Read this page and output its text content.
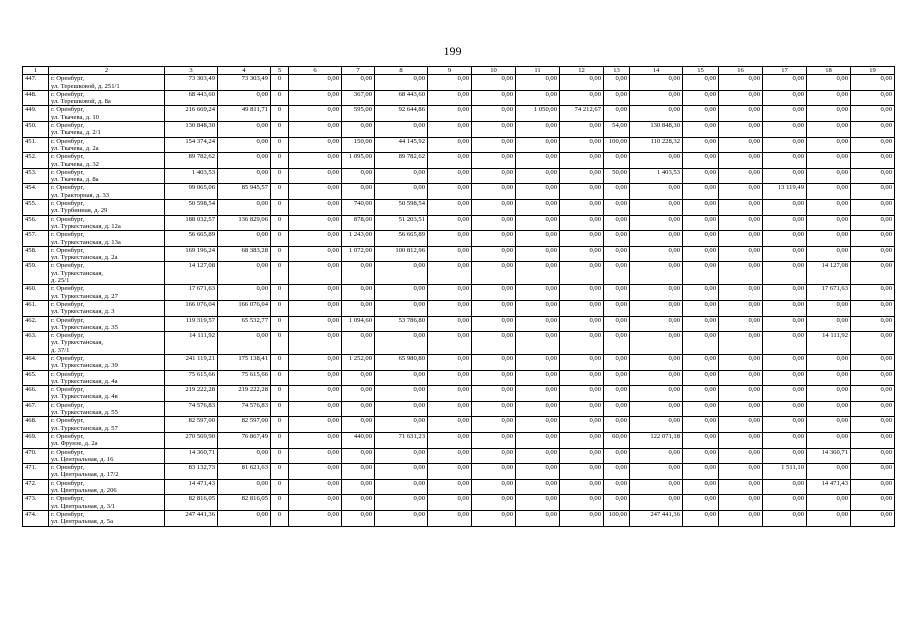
199
1	2	3	4	5	6	7	8	9	10	11	12	13	14	15	16	17	18	19
447.	г. Оренбург,
ул. Терешковой, д. 251/1	73 303,49	73 303,49	0	0,00	0,00	0,00	0,00	0,00	0,00	0,00	0,00	0,00	0,00	0,00	0,00	0,00	0,00
448.	г. Оренбург,
ул. Терешковой, д. 8а	68 443,60	0,00	0	0,00	367,00	68 443,60	0,00	0,00	0,00	0,00	0,00	0,00	0,00	0,00	0,00	0,00	0,00
449.	г. Оренбург,
ул. Ткачева, д. 10	216 669,24	49 811,71	0	0,00	595,00	92 644,86	0,00	0,00	1 050,00	74 212,67	0,00	0,00	0,00	0,00	0,00	0,00	0,00
450.	г. Оренбург,
ул. Ткачева, д. 2/1	130 848,30	0,00	0	0,00	0,00	0,00	0,00	0,00	0,00	0,00	54,00	130 848,30	0,00	0,00	0,00	0,00	0,00
451.	г. Оренбург,
ул. Ткачева, д. 2а	154 374,24	0,00	0	0,00	150,00	44 145,92	0,00	0,00	0,00	0,00	100,00	110 228,32	0,00	0,00	0,00	0,00	0,00
452.	г. Оренбург,
ул. Ткачева, д. 32	89 782,62	0,00	0	0,00	1 095,00	89 782,62	0,00	0,00	0,00	0,00	0,00	0,00	0,00	0,00	0,00	0,00	0,00
453.	г. Оренбург,
ул. Ткачева, д. 8а	1 403,53	0,00	0	0,00	0,00	0,00	0,00	0,00	0,00	0,00	50,00	1 403,53	0,00	0,00	0,00	0,00	0,00
454.	г. Оренбург,
ул. Тракторная, д. 33	99 065,06	85 945,57	0	0,00	0,00	0,00	0,00	0,00	0,00	0,00	0,00	0,00	0,00	0,00	13 119,49	0,00	0,00
455.	г. Оренбург,
ул. Турбинная, д. 29	50 598,54	0,00	0	0,00	740,00	50 598,54	0,00	0,00	0,00	0,00	0,00	0,00	0,00	0,00	0,00	0,00	0,00
456.	г. Оренбург,
ул. Туркестанская, д. 12а	188 032,57	136 829,06	0	0,00	878,00	51 203,51	0,00	0,00	0,00	0,00	0,00	0,00	0,00	0,00	0,00	0,00	0,00
457.	г. Оренбург,
ул. Туркестанская, д. 13а	56 665,89	0,00	0	0,00	1 243,00	56 665,89	0,00	0,00	0,00	0,00	0,00	0,00	0,00	0,00	0,00	0,00	0,00
458.	г. Оренбург,
ул. Туркестанская, д. 2а	169 196,24	68 383,28	0	0,00	1 072,00	100 812,96	0,00	0,00	0,00	0,00	0,00	0,00	0,00	0,00	0,00	0,00	0,00
459.	г. Оренбург,
ул. Туркестанская,
д. 25/1	14 127,08	0,00	0	0,00	0,00	0,00	0,00	0,00	0,00	0,00	0,00	0,00	0,00	0,00	0,00	14 127,08	0,00
460.	г. Оренбург,
ул. Туркестанская, д. 27	17 671,63	0,00	0	0,00	0,00	0,00	0,00	0,00	0,00	0,00	0,00	0,00	0,00	0,00	0,00	17 671,63	0,00
461.	г. Оренбург,
ул. Туркестанская, д. 3	166 076,04	166 076,04	0	0,00	0,00	0,00	0,00	0,00	0,00	0,00	0,00	0,00	0,00	0,00	0,00	0,00	0,00
462.	г. Оренбург,
ул. Туркестанская, д. 35	119 319,57	65 532,77	0	0,00	1 094,60	53 786,80	0,00	0,00	0,00	0,00	0,00	0,00	0,00	0,00	0,00	0,00	0,00
463.	г. Оренбург,
ул. Туркестанская,
д. 37/1	14 111,92	0,00	0	0,00	0,00	0,00	0,00	0,00	0,00	0,00	0,00	0,00	0,00	0,00	0,00	14 111,92	0,00
464.	г. Оренбург,
ул. Туркестанская, д. 39	241 119,21	175 138,41	0	0,00	1 252,00	65 980,80	0,00	0,00	0,00	0,00	0,00	0,00	0,00	0,00	0,00	0,00	0,00
465.	г. Оренбург,
ул. Туркестанская, д. 4а	75 615,66	75 615,66	0	0,00	0,00	0,00	0,00	0,00	0,00	0,00	0,00	0,00	0,00	0,00	0,00	0,00	0,00
466.	г. Оренбург,
ул. Туркестанская, д. 4в	219 222,28	219 222,28	0	0,00	0,00	0,00	0,00	0,00	0,00	0,00	0,00	0,00	0,00	0,00	0,00	0,00	0,00
467.	г. Оренбург,
ул. Туркестанская, д. 55	74 576,83	74 576,83	0	0,00	0,00	0,00	0,00	0,00	0,00	0,00	0,00	0,00	0,00	0,00	0,00	0,00	0,00
468.	г. Оренбург,
ул. Туркестанская, д. 57	82 597,00	82 597,00	0	0,00	0,00	0,00	0,00	0,00	0,00	0,00	0,00	0,00	0,00	0,00	0,00	0,00	0,00
469.	г. Оренбург,
ул. Фрунзе, д. 2а	270 569,90	76 867,49	0	0,00	440,00	71 631,23	0,00	0,00	0,00	0,00	60,00	122 071,18	0,00	0,00	0,00	0,00	0,00
470.	г. Оренбург,
ул. Центральная, д. 16	14 360,71	0,00	0	0,00	0,00	0,00	0,00	0,00	0,00	0,00	0,00	0,00	0,00	0,00	0,00	14 360,71	0,00
471.	г. Оренбург,
ул. Центральная, д. 17/2	83 132,73	81 621,63	0	0,00	0,00	0,00	0,00	0,00	0,00	0,00	0,00	0,00	0,00	0,00	1 511,10	0,00	0,00
472.	г. Оренбург,
ул. Центральная, д. 206	14 471,43	0,00	0	0,00	0,00	0,00	0,00	0,00	0,00	0,00	0,00	0,00	0,00	0,00	0,00	14 471,43	0,00
473.	г. Оренбург,
ул. Центральная, д. 3/1	82 816,05	82 816,05	0	0,00	0,00	0,00	0,00	0,00	0,00	0,00	0,00	0,00	0,00	0,00	0,00	0,00	0,00
474.	г. Оренбург,
ул. Центральная, д. 5а	247 441,36	0,00	0	0,00	0,00	0,00	0,00	0,00	0,00	0,00	100,00	247 441,36	0,00	0,00	0,00	0,00	0,00
